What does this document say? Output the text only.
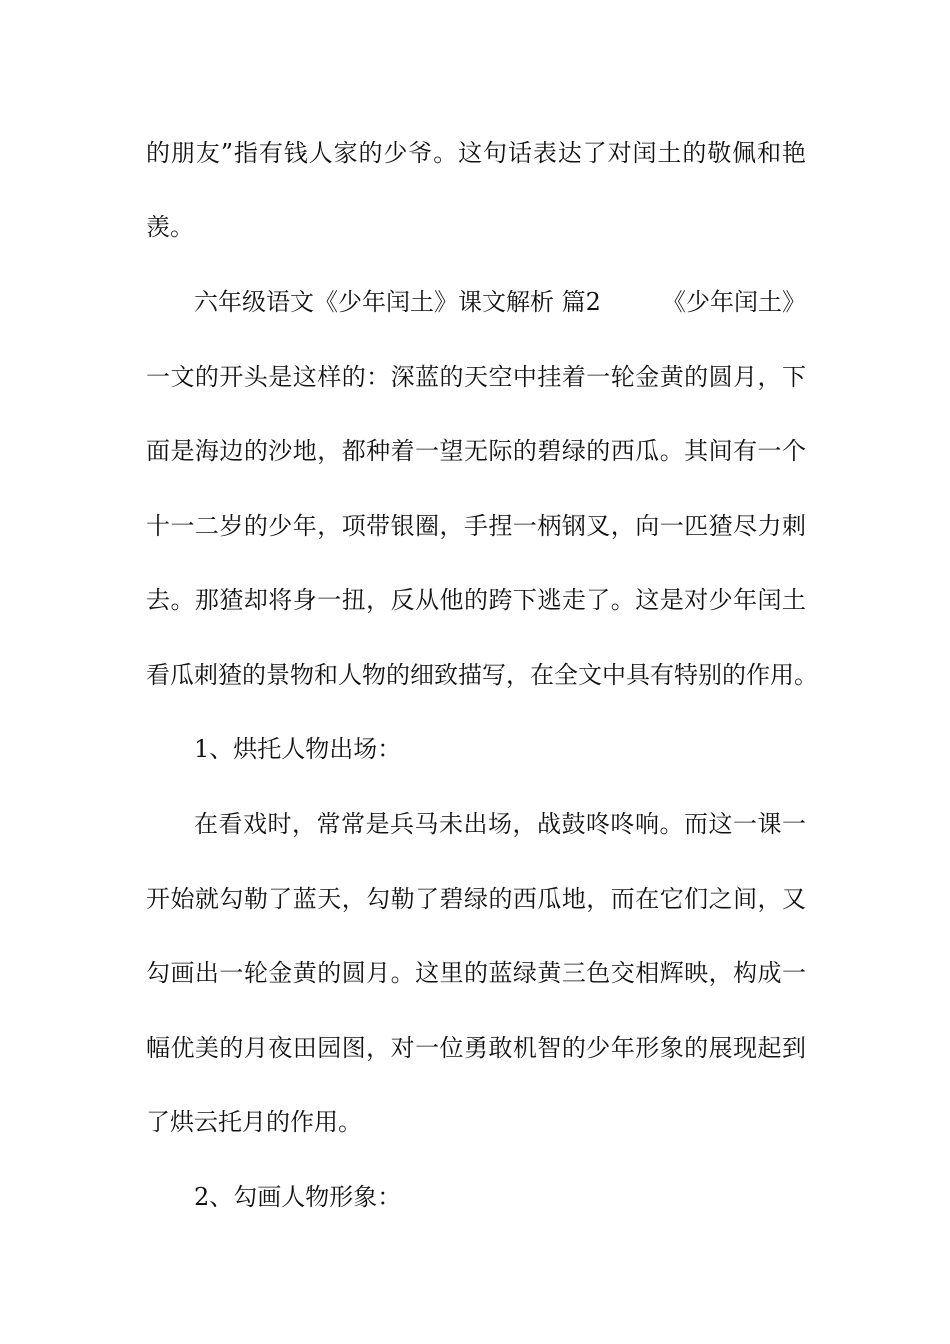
的朋友”指有钱人家的少爷。这句话表达了对闰土的敬佩和艳
羡。
六年级语文《少年闰土》课文解析 篇2	《少年闰土》
一文的开头是这样的：深蓝的天空中挂着一轮金黄的圆月，下
面是海边的沙地，都种着一望无际的碧绿的西瓜。其间有一个
十一二岁的少年，项带银圈，手捏一柄钢叉，向一匹猹尽力刺
去。那猹却将身一扭，反从他的跨下逃走了。这是对少年闰土
看瓜刺猹的景物和人物的细致描写，在全文中具有特别的作用。
1、烘托人物出场：
在看戏时，常常是兵马未出场，战鼓咚咚响。而这一课一
开始就勾勒了蓝天，勾勒了碧绿的西瓜地，而在它们之间，又
勾画出一轮金黄的圆月。这里的蓝绿黄三色交相辉映，构成一
幅优美的月夜田园图，对一位勇敢机智的少年形象的展现起到
了烘云托月的作用。
2、勾画人物形象：
